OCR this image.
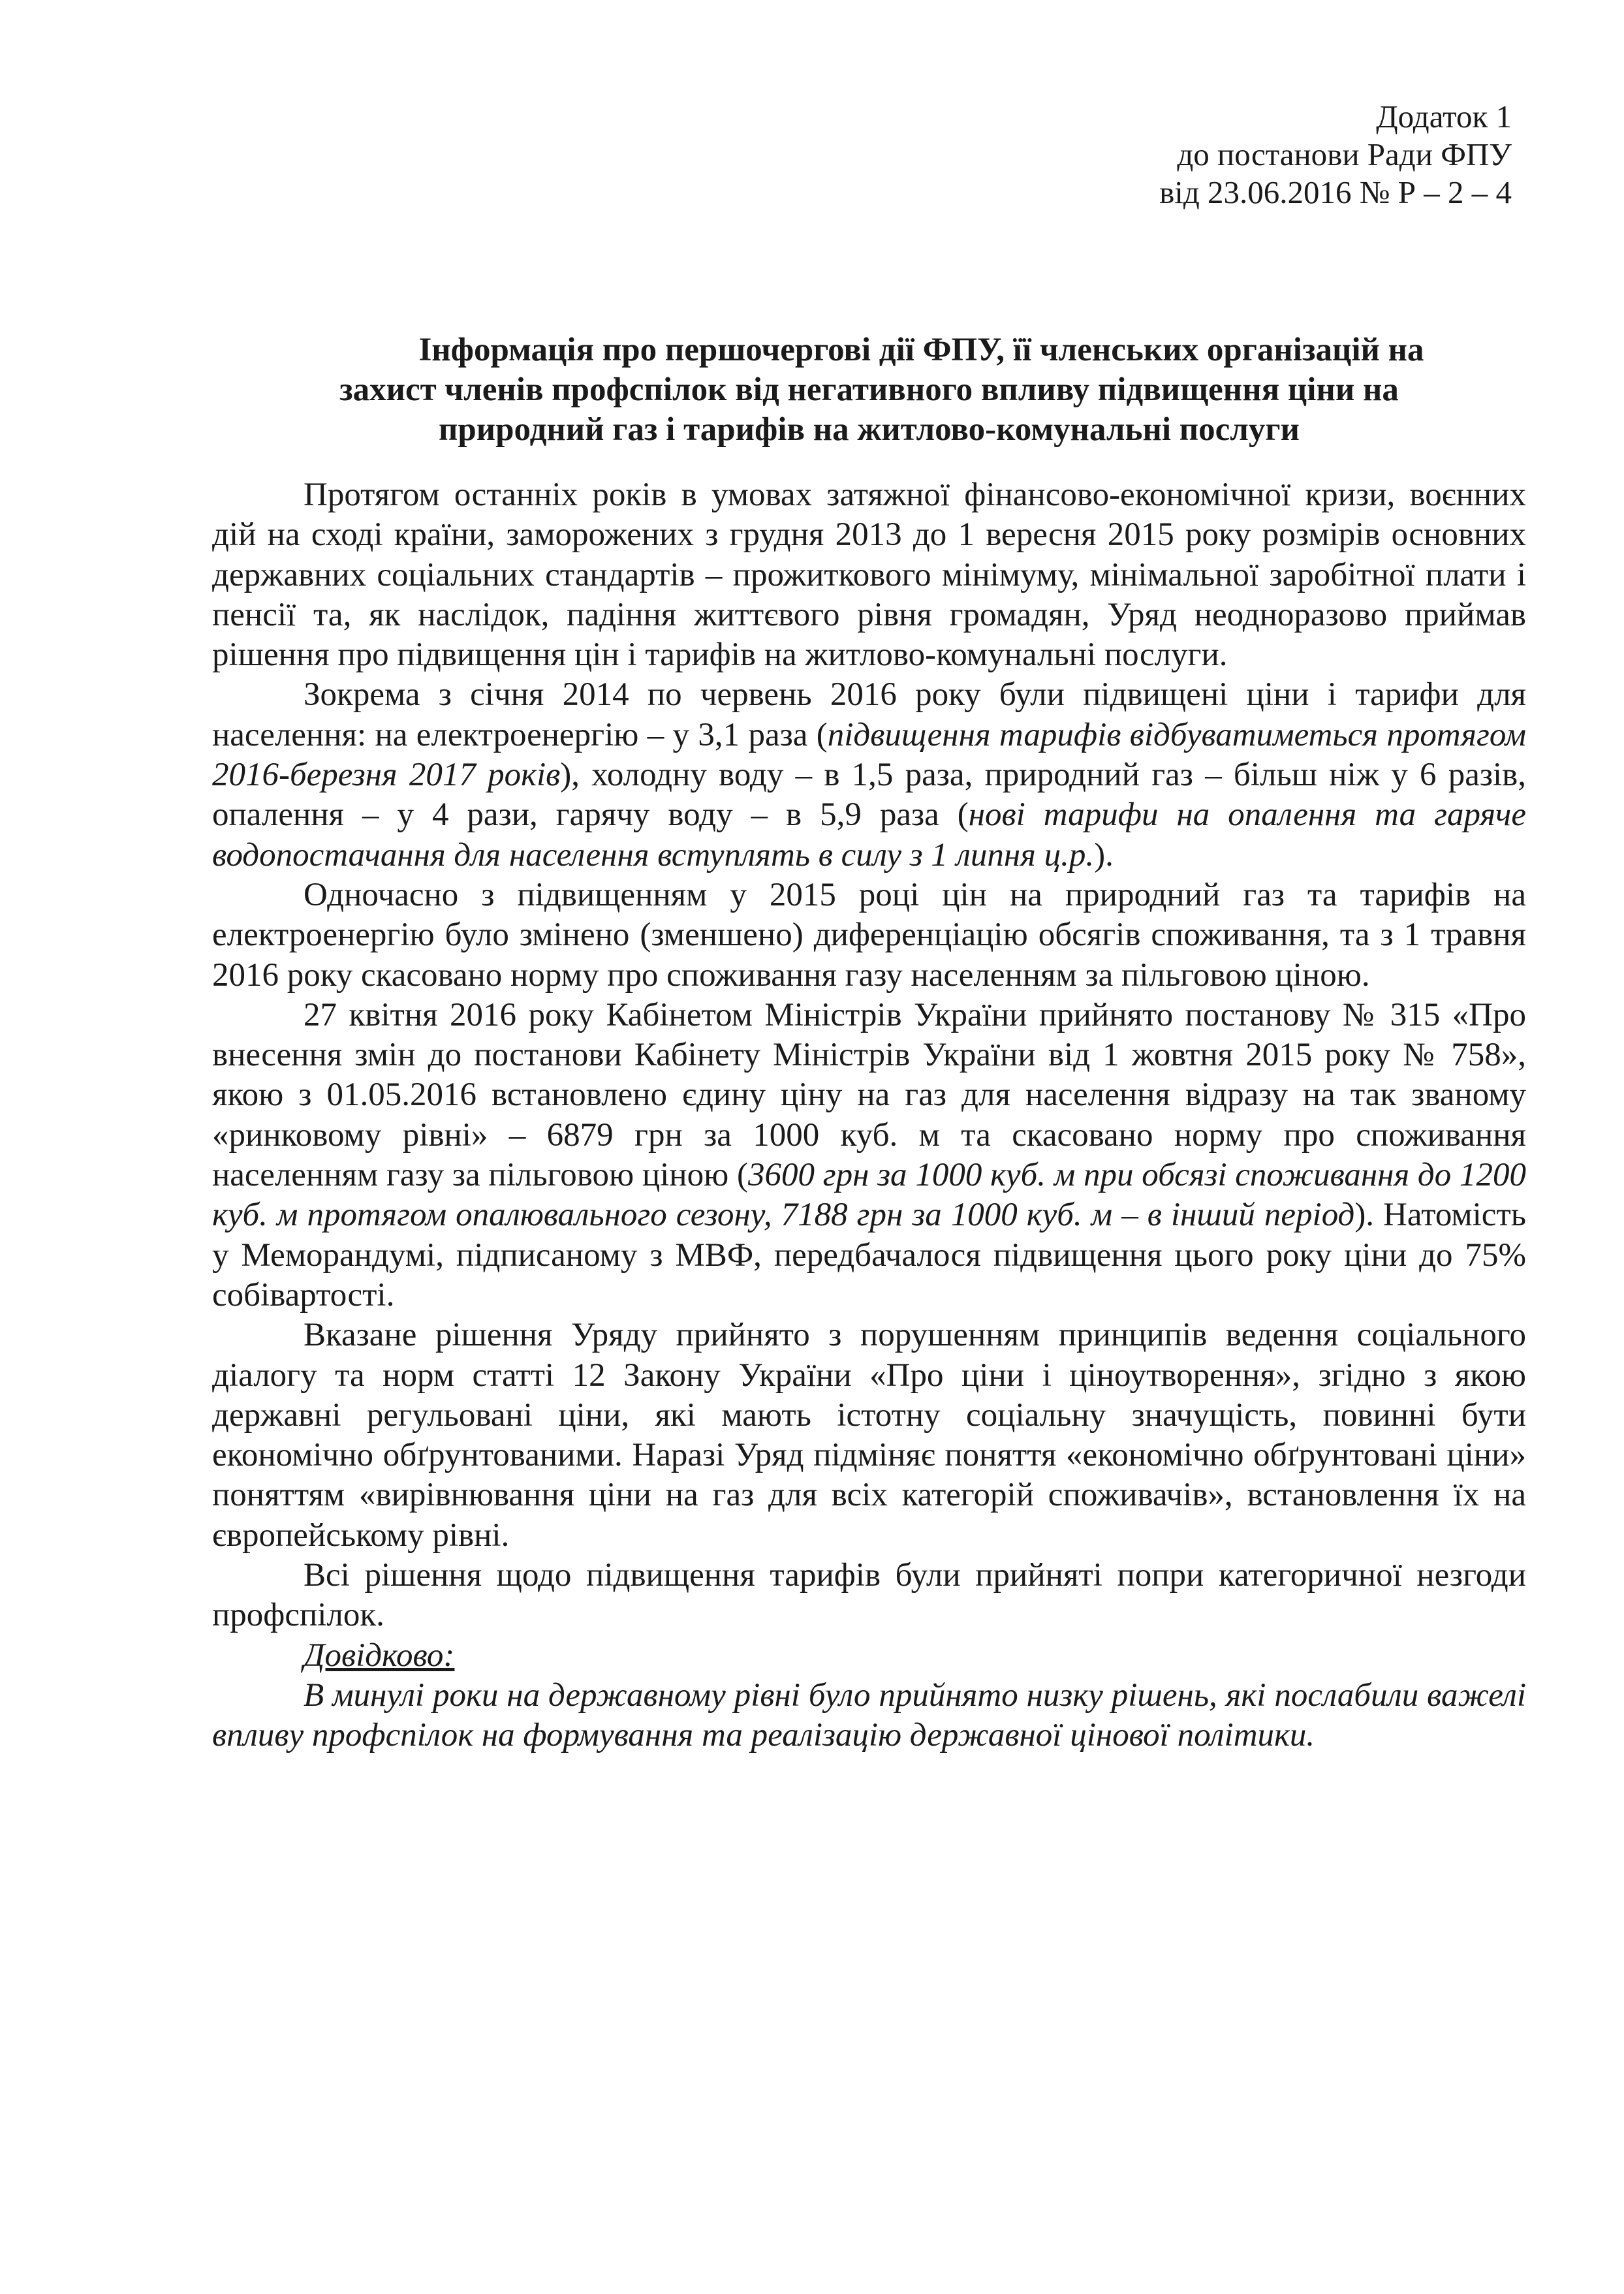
Додаток 1
до постанови Ради ФПУ
від 23.06.2016 № Р – 2 – 4
Інформація про першочергові дії ФПУ, її членських організацій на
захист членів профспілок від негативного впливу підвищення ціни на
природний газ і тарифів на житлово-комунальні послуги

Протягом останніх років в умовах затяжної фінансово-економічної кризи, воєнних дій на сході країни, заморожених з грудня 2013 до 1 вересня 2015 року розмірів основних державних соціальних стандартів – прожиткового мінімуму, мінімальної заробітної плати і пенсії та, як наслідок, падіння життєвого рівня громадян, Уряд неодноразово приймав рішення про підвищення цін і тарифів на житлово-комунальні послуги.

Зокрема з січня 2014 по червень 2016 року були підвищені ціни і тарифи для населення: на електроенергію – у 3,1 раза (підвищення тарифів відбуватиметься протягом 2016-березня 2017 років), холодну воду – в 1,5 раза, природний газ – більш ніж у 6 разів, опалення – у 4 рази, гарячу воду – в 5,9 раза (нові тарифи на опалення та гаряче водопостачання для населення вступлять в силу з 1 липня ц.р.).

Одночасно з підвищенням у 2015 році цін на природний газ та тарифів на електроенергію було змінено (зменшено) диференціацію обсягів споживання, та з 1 травня 2016 року скасовано норму про споживання газу населенням за пільговою ціною.

27 квітня 2016 року Кабінетом Міністрів України прийнято постанову № 315 «Про внесення змін до постанови Кабінету Міністрів України від 1 жовтня 2015 року № 758», якою з 01.05.2016 встановлено єдину ціну на газ для населення відразу на так званому «ринковому рівні» – 6879 грн за 1000 куб. м та скасовано норму про споживання населенням газу за пільговою ціною (3600 грн за 1000 куб. м при обсязі споживання до 1200 куб. м протягом опалювального сезону, 7188 грн за 1000 куб. м – в інший період). Натомість у Меморандумі, підписаному з МВФ, передбачалося підвищення цього року ціни до 75% собівартості.

Вказане рішення Уряду прийнято з порушенням принципів ведення соціального діалогу та норм статті 12 Закону України «Про ціни і ціноутворення», згідно з якою державні регульовані ціни, які мають істотну соціальну значущість, повинні бути економічно обґрунтованими. Наразі Уряд підміняє поняття «економічно обґрунтовані ціни» поняттям «вирівнювання ціни на газ для всіх категорій споживачів», встановлення їх на європейському рівні.

Всі рішення щодо підвищення тарифів були прийняті попри категоричної незгоди профспілок.

Довідково:

В минулі роки на державному рівні було прийнято низку рішень, які послабили важелі впливу профспілок на формування та реалізацію державної цінової політики.
